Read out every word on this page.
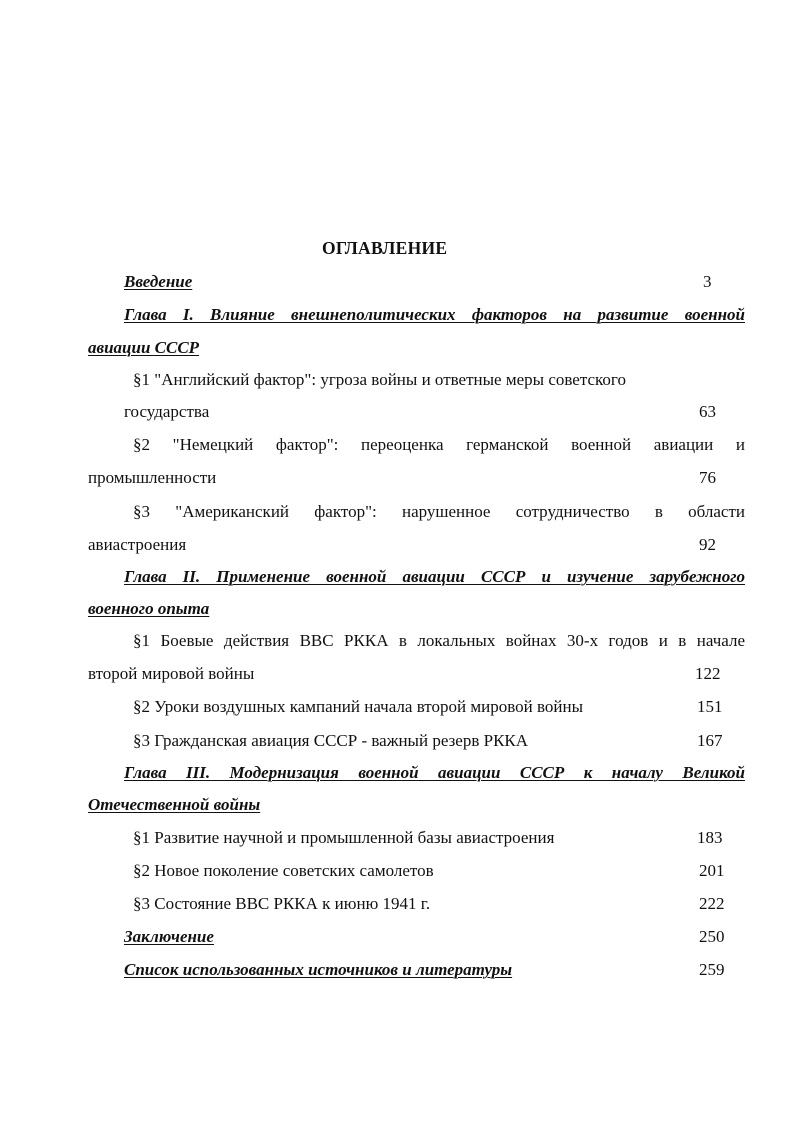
ОГЛАВЛЕНИЕ
Введение	3
Глава I. Влияние внешнеполитических факторов на развитие военной
авиации СССР
§1 "Английский фактор": угроза войны и ответные меры советского
государства	63
§2 "Немецкий фактор": переоценка германской военной авиации и
промышленности	76
§3 "Американский фактор": нарушенное сотрудничество в области
авиастроения	92
Глава II. Применение военной авиации СССР и изучение зарубежного
военного опыта
§1 Боевые действия ВВС РККА в локальных войнах 30-х годов и в начале
второй мировой войны	122
§2 Уроки воздушных кампаний начала второй мировой войны	151
§3 Гражданская авиация СССР - важный резерв РККА	167
Глава III. Модернизация военной авиации СССР к началу Великой
Отечественной войны
§1 Развитие научной и промышленной базы авиастроения	183
§2 Новое поколение советских самолетов	201
§3 Состояние ВВС РККА к июню 1941 г.	222
Заключение	250
Список использованных источников и литературы	259
